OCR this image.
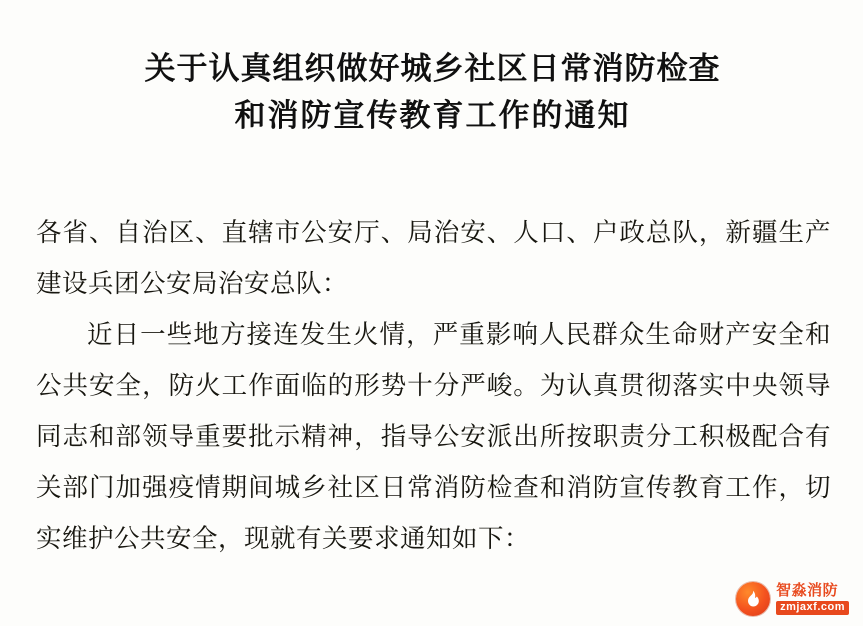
关于认真组织做好城乡社区日常消防检查
和消防宣传教育工作的通知

各省、自治区、直辖市公安厅、局治安、人口、户政总队，新疆生产建设兵团公安局治安总队：

近日一些地方接连发生火情，严重影响人民群众生命财产安全和公共安全，防火工作面临的形势十分严峻。为认真贯彻落实中央领导同志和部领导重要批示精神，指导公安派出所按职责分工积极配合有关部门加强疫情期间城乡社区日常消防检查和消防宣传教育工作，切实维护公共安全，现就有关要求通知如下：

智淼消防
zmjaxf.com
